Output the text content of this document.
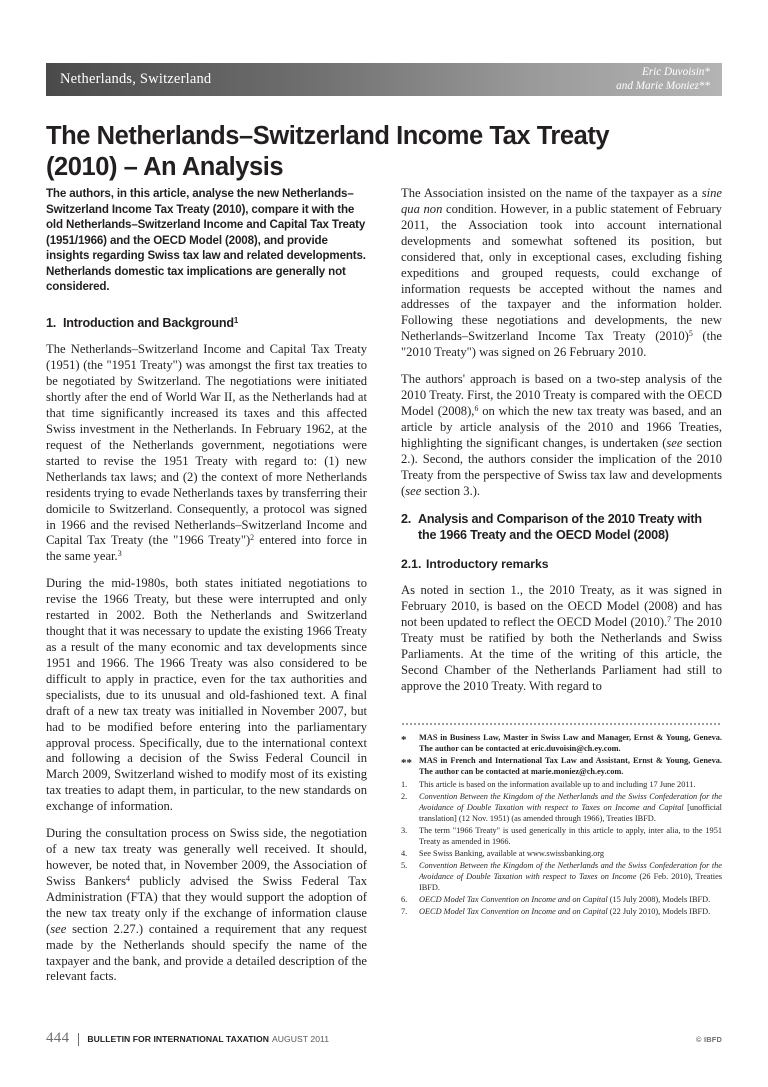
Netherlands, Switzerland	Eric Duvoisin*
and Marie Moniez**
The Netherlands–Switzerland Income Tax Treaty (2010) – An Analysis

The authors, in this article, analyse the new Netherlands–Switzerland Income Tax Treaty (2010), compare it with the old Netherlands–Switzerland Income and Capital Tax Treaty (1951/1966) and the OECD Model (2008), and provide insights regarding Swiss tax law and related developments. Netherlands domestic tax implications are generally not considered.

1. Introduction and Background$^1$

The Netherlands–Switzerland Income and Capital Tax Treaty (1951) (the "1951 Treaty") was amongst the first tax treaties to be negotiated by Switzerland. The negotiations were initiated shortly after the end of World War II, as the Netherlands had at that time significantly increased its taxes and this affected Swiss investment in the Netherlands. In February 1962, at the request of the Netherlands government, negotiations were started to revise the 1951 Treaty with regard to: (1) new Netherlands tax laws; and (2) the context of more Netherlands residents trying to evade Netherlands taxes by transferring their domicile to Switzerland. Consequently, a protocol was signed in 1966 and the revised Netherlands–Switzerland Income and Capital Tax Treaty (the "1966 Treaty")$^2$ entered into force in the same year.$^3$

During the mid-1980s, both states initiated negotiations to revise the 1966 Treaty, but these were interrupted and only restarted in 2002. Both the Netherlands and Switzerland thought that it was necessary to update the existing 1966 Treaty as a result of the many economic and tax developments since 1951 and 1966. The 1966 Treaty was also considered to be difficult to apply in practice, even for the tax authorities and specialists, due to its unusual and old-fashioned text. A final draft of a new tax treaty was initialled in November 2007, but had to be modified before entering into the parliamentary approval process. Specifically, due to the international context and following a decision of the Swiss Federal Council in March 2009, Switzerland wished to modify most of its existing tax treaties to adapt them, in particular, to the new standards on exchange of information.

During the consultation process on Swiss side, the negotiation of a new tax treaty was generally well received. It should, however, be noted that, in November 2009, the Association of Swiss Bankers$^4$ publicly advised the Swiss Federal Tax Administration (FTA) that they would support the adoption of the new tax treaty only if the exchange of information clause (see section 2.27.) contained a requirement that any request made by the Netherlands should specify the name of the taxpayer and the bank, and provide a detailed description of the relevant facts.

The Association insisted on the name of the taxpayer as a sine qua non condition. However, in a public statement of February 2011, the Association took into account international developments and somewhat softened its position, but considered that, only in exceptional cases, excluding fishing expeditions and grouped requests, could exchange of information requests be accepted without the names and addresses of the taxpayer and the information holder. Following these negotiations and developments, the new Netherlands–Switzerland Income Tax Treaty $(2010)^5$ (the "2010 Treaty") was signed on 26 February 2010.

The authors' approach is based on a two-step analysis of the 2010 Treaty. First, the 2010 Treaty is compared with the OECD Model (2008),$^6$ on which the new tax treaty was based, and an article by article analysis of the 2010 and 1966 Treaties, highlighting the significant changes, is undertaken (see section 2.). Second, the authors consider the implication of the 2010 Treaty from the perspective of Swiss tax law and developments (see section 3.).

2. Analysis and Comparison of the 2010 Treaty with the 1966 Treaty and the OECD Model (2008)
2.1. Introductory remarks

As noted in section 1., the 2010 Treaty, as it was signed in February 2010, is based on the OECD Model (2008) and has not been updated to reflect the OECD Model (2010).$^7$ The 2010 Treaty must be ratified by both the Netherlands and Swiss Parliaments. At the time of the writing of this article, the Second Chamber of the Netherlands Parliament had still to approve the 2010 Treaty. With regard to

*	MAS in Business Law, Master in Swiss Law and Manager, Ernst & Young, Geneva. The author can be contacted at eric.duvoisin@ch.ey.com.
** MAS in French and International Tax Law and Assistant, Ernst & Young, Geneva. The author can be contacted at marie.moniez@ch.ey.com.
1.	This article is based on the information available up to and including 17 June 2011.
2.	Convention Between the Kingdom of the Netherlands and the Swiss Confederation for the Avoidance of Double Taxation with respect to Taxes on Income and Capital [unofficial translation] (12 Nov. 1951) (as amended through 1966), Treaties IBFD.
3.	The term "1966 Treaty" is used generically in this article to apply, inter alia, to the 1951 Treaty as amended in 1966.
4.	See Swiss Banking, available at www.swissbanking.org
5.	Convention Between the Kingdom of the Netherlands and the Swiss Confederation for the Avoidance of Double Taxation with respect to Taxes on Income (26 Feb. 2010), Treaties IBFD.
6.	OECD Model Tax Convention on Income and on Capital (15 July 2008), Models IBFD.
7.	OECD Model Tax Convention on Income and on Capital (22 July 2010), Models IBFD.
444 BULLETIN FOR INTERNATIONAL TAXATION AUGUST 2011	© IBFD
